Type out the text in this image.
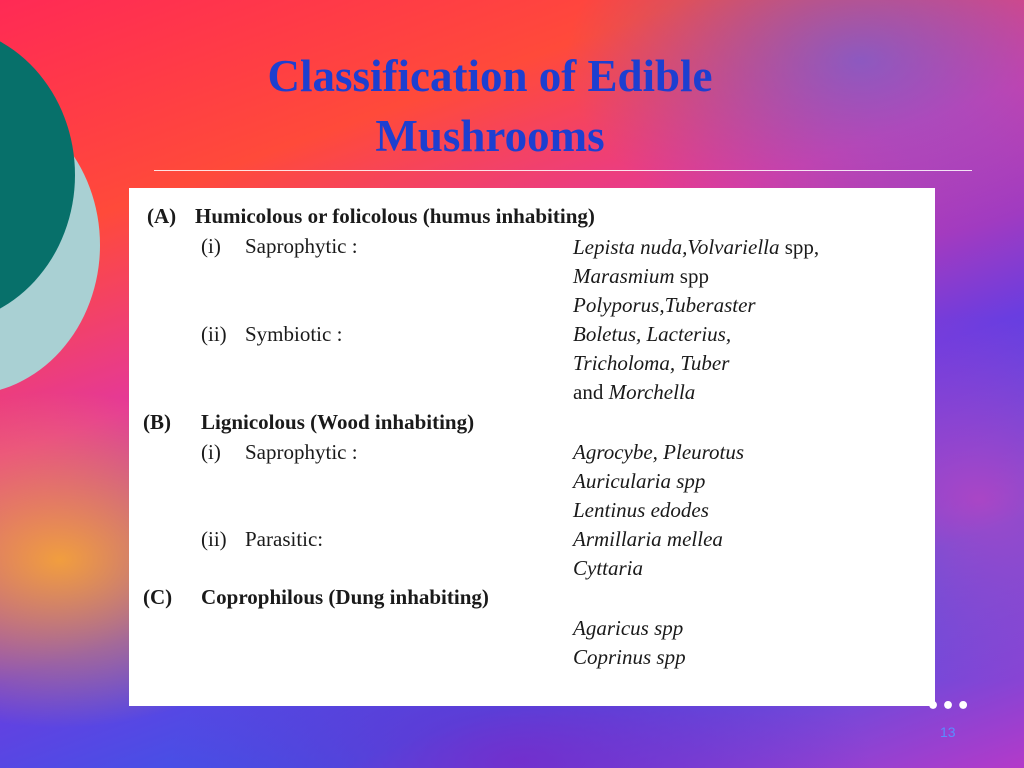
Classification of Edible
Mushrooms
(A) Humicolous or folicolous (humus inhabiting)
(i) Saprophytic :	Lepista nuda,Volvariella spp,
Marasmium spp
Polyporus,Tuberaster
(ii) Symbiotic :	Boletus, Lacterius,
Tricholoma, Tuber
and Morchella
(B) Lignicolous (Wood inhabiting)
(i) Saprophytic :	Agrocybe, Pleurotus
Auricularia spp
Lentinus edodes
(ii) Parasitic:	Armillaria mellea
Cyttaria
(C) Coprophilous (Dung inhabiting)
Agaricus spp
Coprinus spp
•••
13
